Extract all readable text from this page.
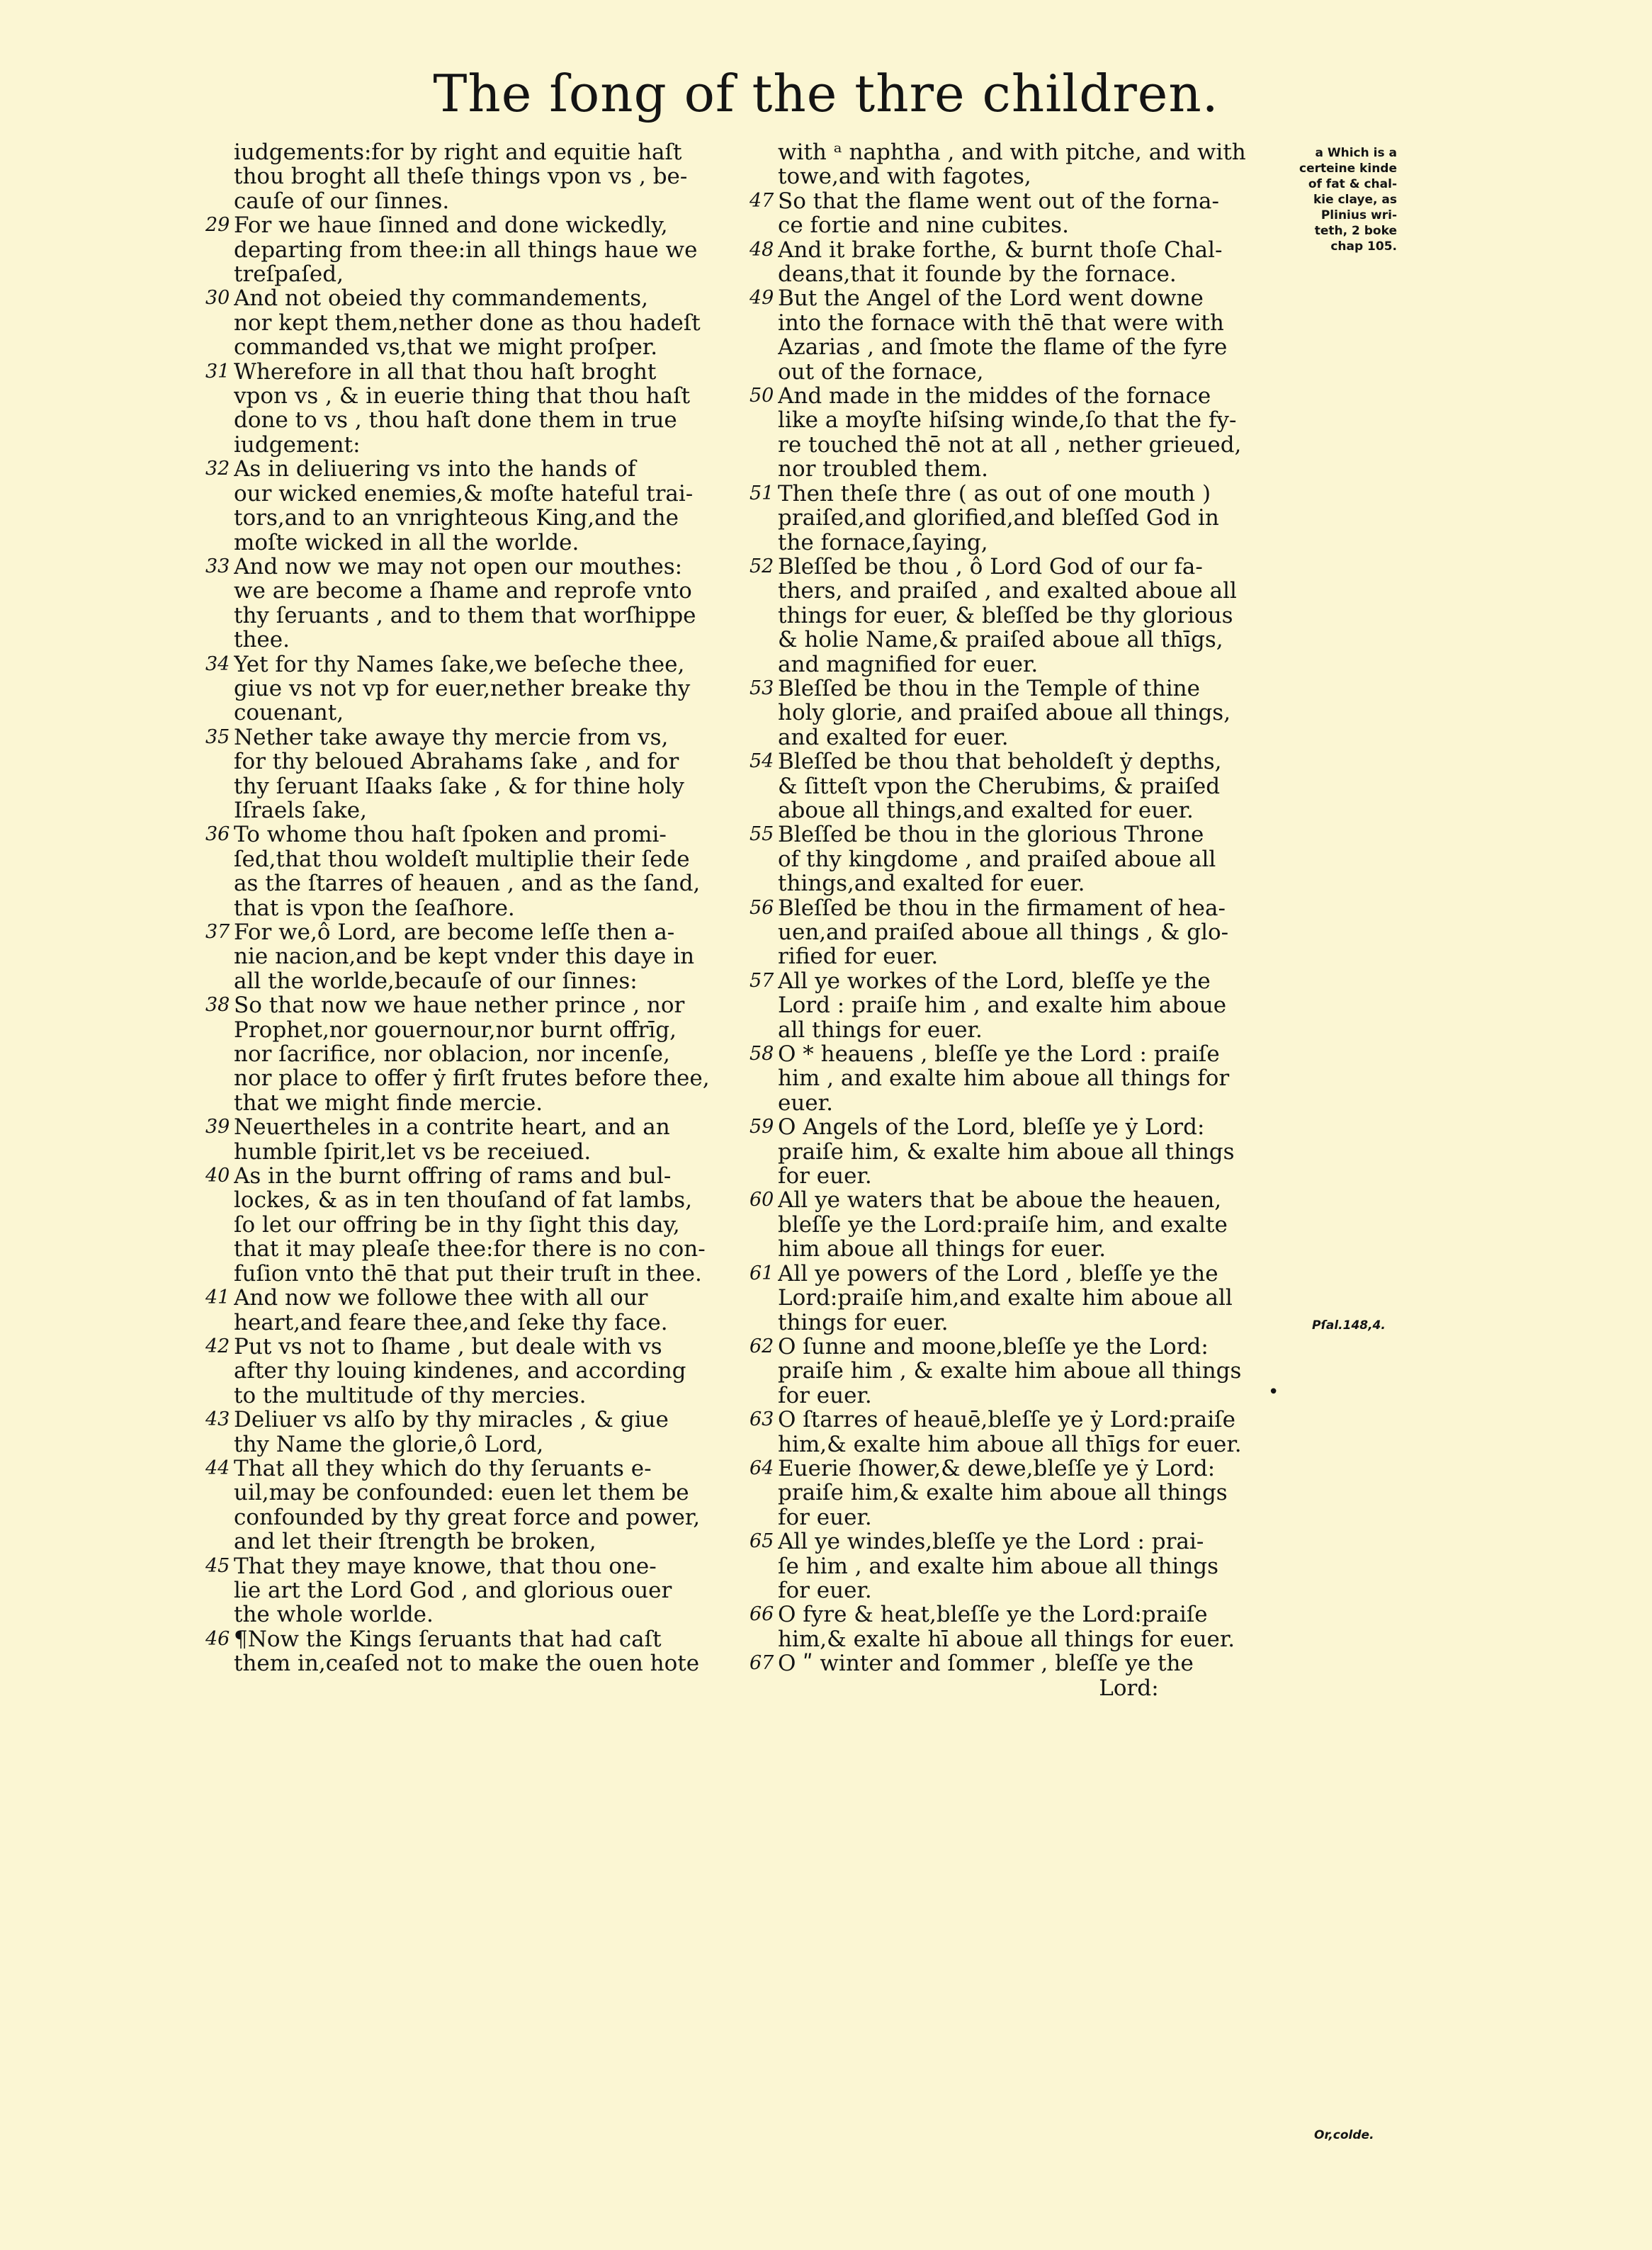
The ſong of the thre children.
iudgements:for by right and equitie haſt
thou broght all theſe things vpon vs , be-
cauſe of our ſinnes.
29 For we haue ſinned and done wickedly,
departing from thee:in all things haue we
treſpaſed,
30 And not obeied thy commandements,
nor kept them,nether done as thou hadeſt
commanded vs,that we might proſper.
31 Wherefore in all that thou haſt broght
vpon vs , & in euerie thing that thou haſt
done to vs , thou haſt done them in true
iudgement:
32 As in deliuering vs into the hands of
our wicked enemies,& moſte hateful trai-
tors,and to an vnrighteous King,and the
moſte wicked in all the worlde.
33 And now we may not open our mouthes:
we are become a ſhame and reprofe vnto
thy ſeruants , and to them that worſhippe
thee.
34 Yet for thy Names ſake,we beſeche thee,
giue vs not vp for euer,nether breake thy
couenant,
35 Nether take awaye thy mercie from vs,
for thy beloued Abrahams ſake , and for
thy ſeruant Iſaaks ſake , & for thine holy
Iſraels ſake,
36 To whome thou haſt ſpoken and promi-
ſed,that thou woldeſt multiplie their ſede
as the ſtarres of heauen , and as the ſand,
that is vpon the ſeaſhore.
37 For we,ô Lord, are become leſſe then a-
nie nacion,and be kept vnder this daye in
all the worlde,becauſe of our ſinnes:
38 So that now we haue nether prince , nor
Prophet,nor gouernour,nor burnt offrīg,
nor ſacrifice, nor oblacion, nor incenſe,
nor place to offer ẏ firſt frutes before thee,
that we might finde mercie.
39 Neuertheles in a contrite heart, and an
humble ſpirit,let vs be receiued.
40 As in the burnt offring of rams and bul-
lockes, & as in ten thouſand of fat lambs,
ſo let our offring be in thy ſight this day,
that it may pleaſe thee:for there is no con-
fuſion vnto thē that put their truſt in thee.
41 And now we followe thee with all our
heart,and feare thee,and ſeke thy face.
42 Put vs not to ſhame , but deale with vs
after thy louing kindenes, and according
to the multitude of thy mercies.
43 Deliuer vs alſo by thy miracles , & giue
thy Name the glorie,ô Lord,
44 That all they which do thy ſeruants e-
uil,may be confounded: euen let them be
confounded by thy great force and power,
and let their ſtrength be broken,
45 That they mayе knowe, that thou one-
lie art the Lord God , and glorious ouer
the whole worlde.
46 ¶Now the Kings ſeruants that had caſt
them in,ceaſed not to make the ouen hote
with ᵃ naphtha , and with pitche, and with
towe,and with fagotes,
47 So that the flame went out of the forna-
ce fortie and nine cubites.
48 And it brake forthe, & burnt thoſe Chal-
deans,that it founde by the fornace.
49 But the Angel of the Lord went downe
into the fornace with thē that were with
Azarias , and ſmote the flame of the fyre
out of the fornace,
50 And made in the middes of the fornace
like a moyſte hiſsing winde,ſo that the fy-
re touched thē not at all , nether grieued,
nor troubled them.
51 Then theſe thre ( as out of one mouth )
praiſed,and glorified,and bleſſed God in
the fornace,ſaying,
52 Bleſſed be thou , ô Lord God of our fa-
thers, and praiſed , and exalted aboue all
things for euer, & bleſſed be thy glorious
& holie Name,& praiſed aboue all thīgs,
and magnified for euer.
53 Bleſſed be thou in the Temple of thine
holy glorie, and praiſed aboue all things,
and exalted for euer.
54 Bleſſed be thou that beholdeſt ẏ depths,
& ſitteſt vpon the Cherubims, & praiſed
aboue all things,and exalted for euer.
55 Bleſſed be thou in the glorious Throne
of thy kingdome , and praiſed aboue all
things,and exalted for euer.
56 Bleſſed be thou in the firmament of hea-
uen,and praiſed aboue all things , & glo-
rified for euer.
57 All ye workes of the Lord, bleſſe ye the
Lord : praiſe him , and exalte him aboue
all things for euer.
58 O * heauens , bleſſe ye the Lord : praiſe
him , and exalte him aboue all things for
euer.
59 O Angels of the Lord, bleſſe ye ẏ Lord:
praiſe him, & exalte him aboue all things
for euer.
60 All ye waters that be aboue the heauen,
bleſſe ye the Lord:praiſe him, and exalte
him aboue all things for euer.
61 All ye powers of the Lord , bleſſe ye the
Lord:praiſe him,and exalte him aboue all
things for euer.
62 O ſunne and moone,bleſſe ye the Lord:
praiſe him , & exalte him aboue all things
for euer.
63 O ſtarres of heauē,bleſſe ye ẏ Lord:praiſe
him,& exalte him aboue all thīgs for euer.
64 Euerie ſhower,& dewe,bleſſe ye ẏ Lord:
praiſe him,& exalte him aboue all things
for euer.
65 All ye windes,bleſſe ye the Lord : prai-
ſe him , and exalte him aboue all things
for euer.
66 O fyre & heat,bleſſe ye the Lord:praiſe
him,& exalte hī aboue all things for euer.
67 O ʺ winter and ſommer , bleſſe ye the
Lord:
a Which is a
certeine kinde
of fat & chal-
kie claye, as
Plinius wri-
teth, 2 boke
chap 105.
Pſal.148,4.
Or,colde.
•
